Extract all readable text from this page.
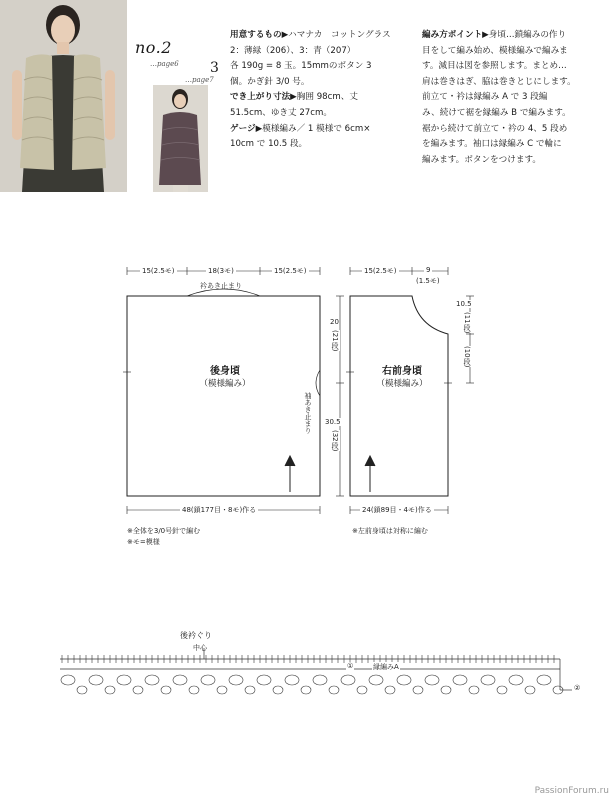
no.2
…page6 3
…page7
用意するもの▶ハマナカ　コットングラス
2：薄緑（206）、3：青（207）
各 190g = 8 玉。15mmのボタン 3
個。かぎ針 3/0 号。
でき上がり寸法▶胸囲 98cm、丈
51.5cm、ゆき丈 27cm。
ゲージ▶模様編み／ 1 模様で 6cm×
10cm で 10.5 段。
編み方ポイント▶身頃…鎖編みの作り
目をして編み始め、模様編みで編みま
す。減目は図を参照します。まとめ…
肩は巻きはぎ、脇は巻きとじにします。
前立て・衿は縁編み A で 3 段編
み、続けて裾を縁編み B で編みます。
裾から続けて前立て・衿の 4、5 段め
を編みます。袖口は縁編み C で輪に
編みます。ボタンをつけます。
15(2.5モ)	18(3モ)	15(2.5モ)
衿あき止まり
後身頃
（模様編み）
20
(21段)
袖あき止まり 30.5
(32段)
48(鎖177目・8モ)作る
15(2.5モ)	9
(1.5モ)
右前身頃
（模様編み）
10.5
(11段)
(10段)
24(鎖89目・4モ)作る
※全体を3/0号針で編む
※モ=模様
※左前身頃は対称に編む
後衿ぐり
中心
①	縁編みA
②
PassionForum.ru
